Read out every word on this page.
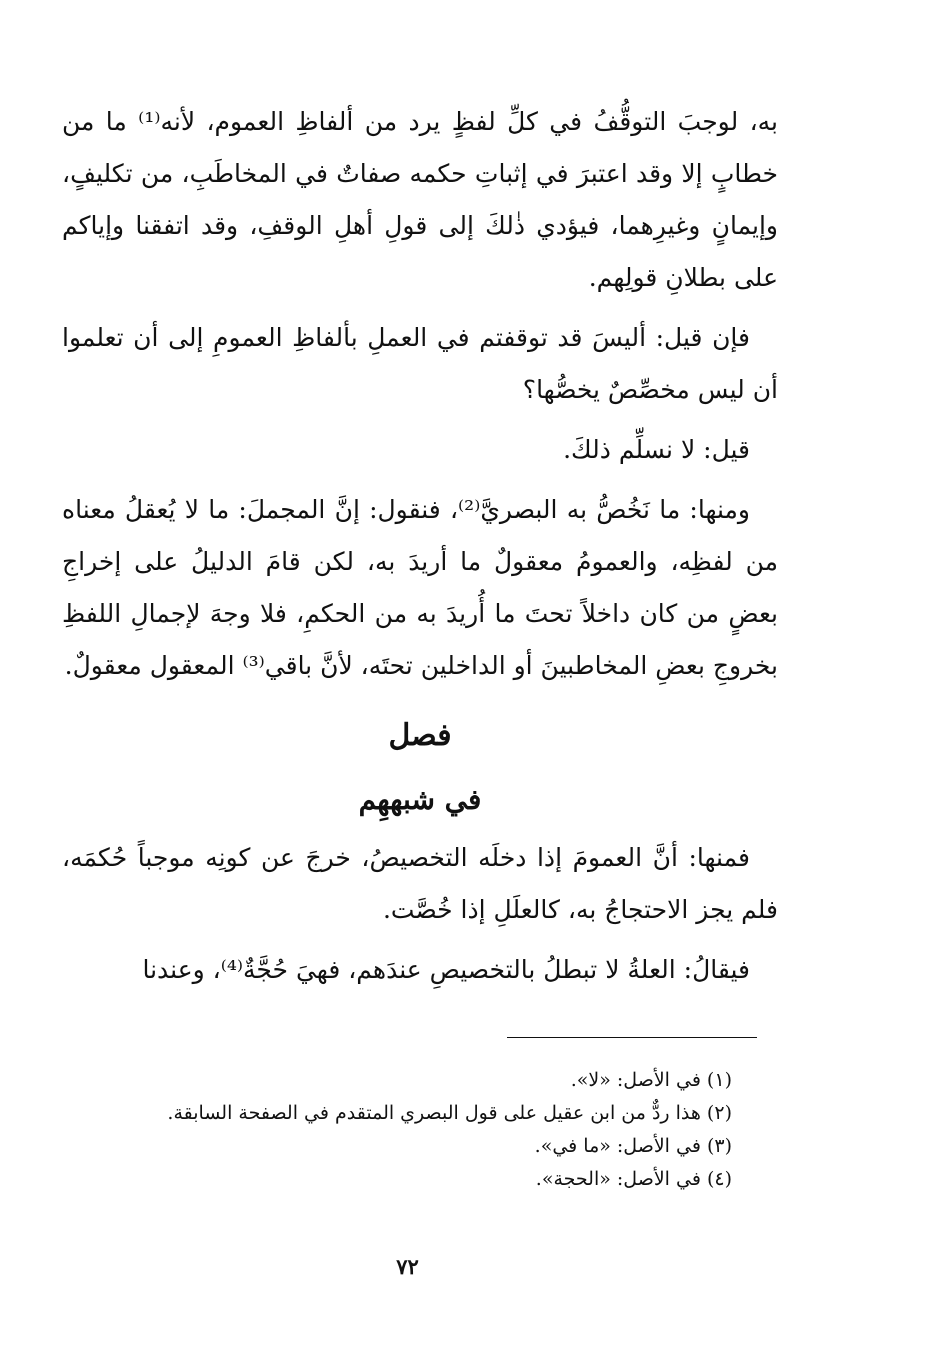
به، لوجبَ التوقُّفُ في كلِّ لفظٍ يرد من ألفاظِ العموم، لأنه⁽¹⁾ ما من خطابٍ إلا وقد اعتبرَ في إثباتِ حكمه صفاتٌ في المخاطَبِ، من تكليفٍ، وإيمانٍ وغيرِهما، فيؤدي ذٰلكَ إلى قولِ أهلِ الوقفِ، وقد اتفقنا وإياكم على بطلانِ قولِهم.

فإن قيل: أليسَ قد توقفتم في العملِ بألفاظِ العمومِ إلى أن تعلموا أن ليس مخصِّصٌ يخصُّها؟

قيل: لا نسلِّم ذلكَ.

ومنها: ما نَخُصُّ به البصريَّ⁽²⁾، فنقول: إنَّ المجملَ: ما لا يُعقلُ معناه من لفظِه، والعمومُ معقولٌ ما أريدَ به، لكن قامَ الدليلُ على إخراجِ بعضٍ من كان داخلاً تحتَ ما أُريدَ به من الحكمِ، فلا وجهَ لإجمالِ اللفظِ بخروجِ بعضِ المخاطبينَ أو الداخلين تحتَه، لأنَّ باقي⁽³⁾ المعقول معقولٌ.

فصل
في شبههِم

فمنها: أنَّ العمومَ إذا دخلَه التخصيصُ، خرجَ عن كونِه موجباً حُكمَه، فلم يجز الاحتجاجُ به، كالعلَلِ إذا خُصَّت.

فيقالُ: العلةُ لا تبطلُ بالتخصيصِ عندَهم، فهيَ حُجَّةٌ⁽⁴⁾، وعندنا

(١) في الأصل: «لا».
(٢) هذا ردٌّ من ابن عقيل على قول البصري المتقدم في الصفحة السابقة.
(٣) في الأصل: «ما في».
(٤) في الأصل: «الحجة».
٧٢
